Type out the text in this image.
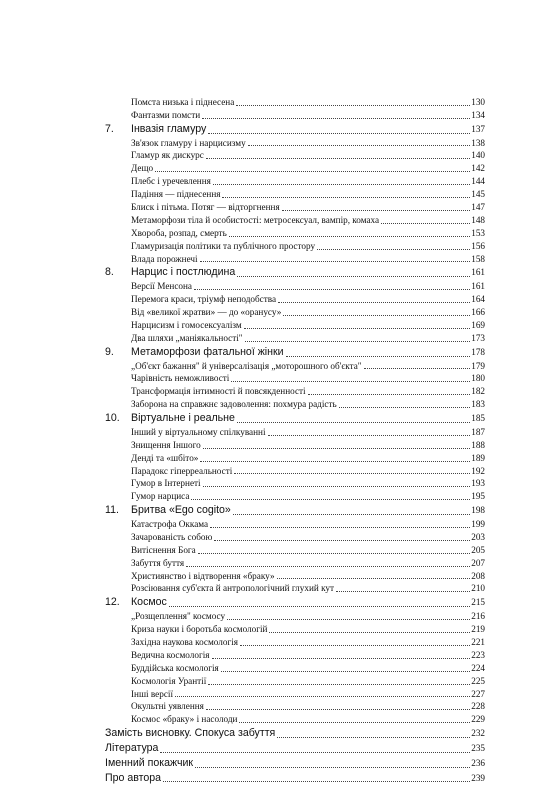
Помста низька і піднесена	130
Фантазми помсти	134
7.	Інвазія гламуру	137
Зв'язок гламуру і нарцисизму	138
Гламур як дискурс	140
Дещо	142
Плебс і уречевлення	144
Падіння — піднесення	145
Блиск і пітьма. Потяг — відторгнення	147
Метаморфози тіла й особистості: метросексуал, вампір, комаха	148
Хвороба, розпад, смерть	153
Гламуризація політики та публічного простору	156
Влада порожнечі	158
8.	Нарцис і постлюдина	161
Версії Менсона	161
Перемога краси, тріумф неподобства	164
Від «великої жратви» — до «оранусу»	166
Нарцисизм і гомосексуалізм	169
Два шляхи „маніякальності"	173
9.	Метаморфози фатальної жінки	178
„Об'єкт бажання" й універсалізація „моторошного об'єкта"	179
Чарівність неможливості	180
Трансформація інтимності й повсякденності	182
Заборона на справжнє задоволення: похмура радість	183
10.	Віртуальне і реальне	185
Інший у віртуальному спілкуванні	187
Знищення Іншого	188
Денді та «шбіто»	189
Парадокс гіперреальності	192
Гумор в Інтернеті	193
Гумор нарциса	195
11.	Бритва «Ego cogito»	198
Катастрофа Оккама	199
Зачарованість собою	203
Витіснення Бога	205
Забуття буття	207
Християнство і відтворення «браку»	208
Розсіювання суб'єкта й антропологічний глухий кут	210
12.	Космос	215
„Розщеплення" космосу	216
Криза науки і боротьба космологій	219
Західна наукова космологія	221
Ведична космологія	223
Буддійська космологія	224
Космологія Урантії	225
Інші версії	227
Окультні уявлення	228
Космос «браку» і насолоди	229
Замість висновку. Спокуса забуття	232
Література	235
Іменний покажчик	236
Про автора	239
